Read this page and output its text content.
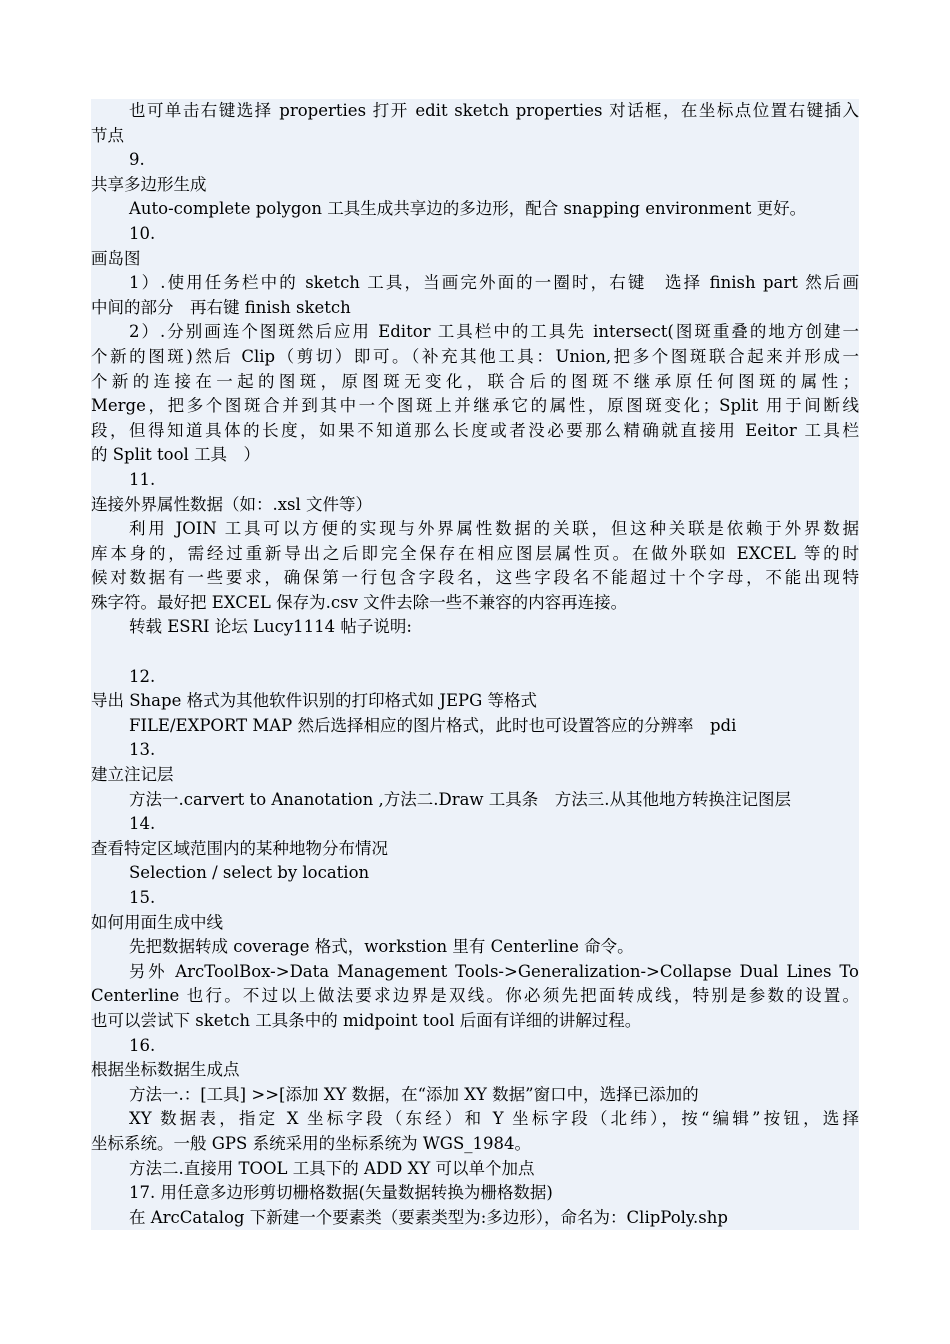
也可单击右键选择 properties 打开 edit sketch properties 对话框，在坐标点位置右键插入
节点
9.
共享多边形生成
Auto-complete polygon 工具生成共享边的多边形，配合 snapping environment 更好。
10.
画岛图
1）.使用任务栏中的 sketch 工具，当画完外面的一圈时，右键　选择 finish part 然后画
中间的部分　再右键 finish sketch
2）.分别画连个图斑然后应用 Editor 工具栏中的工具先 intersect(图斑重叠的地方创建一
个新的图斑)然后 Clip（剪切）即可。（补充其他工具：Union,把多个图斑联合起来并形成一
个新的连接在一起的图斑，原图斑无变化，联合后的图斑不继承原任何图斑的属性；
Merge，把多个图斑合并到其中一个图斑上并继承它的属性，原图斑变化；Split 用于间断线
段，但得知道具体的长度，如果不知道那么长度或者没必要那么精确就直接用 Eeitor 工具栏
的 Split tool 工具　）
11.
连接外界属性数据（如：.xsl 文件等）
利用 JOIN 工具可以方便的实现与外界属性数据的关联，但这种关联是依赖于外界数据
库本身的，需经过重新导出之后即完全保存在相应图层属性页。在做外联如 EXCEL 等的时
候对数据有一些要求，确保第一行包含字段名，这些字段名不能超过十个字母，不能出现特
殊字符。最好把 EXCEL 保存为.csv 文件去除一些不兼容的内容再连接。
转载 ESRI 论坛 Lucy1114 帖子说明:
12.
导出 Shape 格式为其他软件识别的打印格式如 JEPG 等格式
FILE/EXPORT MAP 然后选择相应的图片格式，此时也可设置答应的分辨率　pdi
13.
建立注记层
方法一.carvert to Ananotation ,方法二.Draw 工具条　方法三.从其他地方转换注记图层
14.
查看特定区域范围内的某种地物分布情况
Selection / select by location
15.
如何用面生成中线
先把数据转成 coverage 格式，workstion 里有 Centerline 命令。
另外 ArcToolBox->Data Management Tools->Generalization->Collapse Dual Lines To
Centerline 也行。不过以上做法要求边界是双线。你必须先把面转成线，特别是参数的设置。
也可以尝试下 sketch 工具条中的 midpoint tool 后面有详细的讲解过程。
16.
根据坐标数据生成点
方法一.：[工具] >>[添加 XY 数据，在“添加 XY 数据”窗口中，选择已添加的
XY 数据表，指定 X 坐标字段（东经）和 Y 坐标字段（北纬），按“编辑”按钮，选择
坐标系统。一般 GPS 系统采用的坐标系统为 WGS_1984。
方法二.直接用 TOOL 工具下的 ADD XY 可以单个加点
17. 用任意多边形剪切栅格数据(矢量数据转换为栅格数据)
在 ArcCatalog 下新建一个要素类（要素类型为:多边形），命名为：ClipPoly.shp
